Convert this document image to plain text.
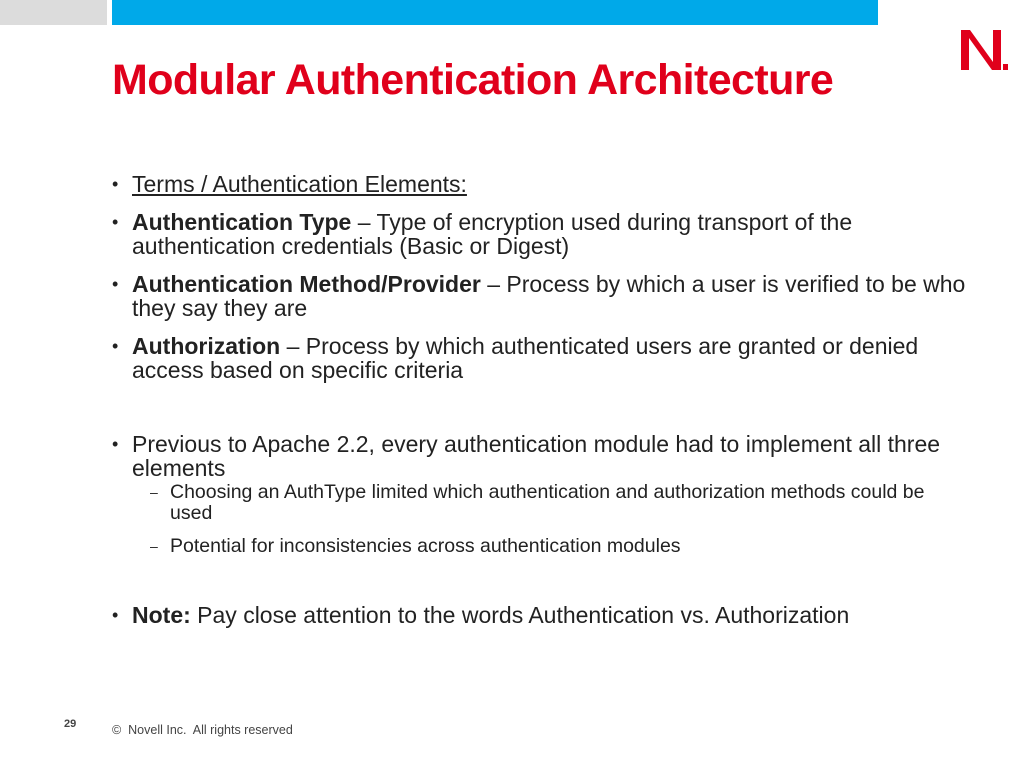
Modular Authentication Architecture
• Terms / Authentication Elements:
• Authentication Type – Type of encryption used during transport of the authentication credentials (Basic or Digest)
• Authentication Method/Provider – Process by which a user is verified to be who they say they are
• Authorization – Process by which authenticated users are granted or denied access based on specific criteria
• Previous to Apache 2.2, every authentication module had to implement all three elements
– Choosing an AuthType limited which authentication and authorization methods could be used
– Potential for inconsistencies across authentication modules
• Note: Pay close attention to the words Authentication vs. Authorization
29	©  Novell Inc.  All rights reserved
